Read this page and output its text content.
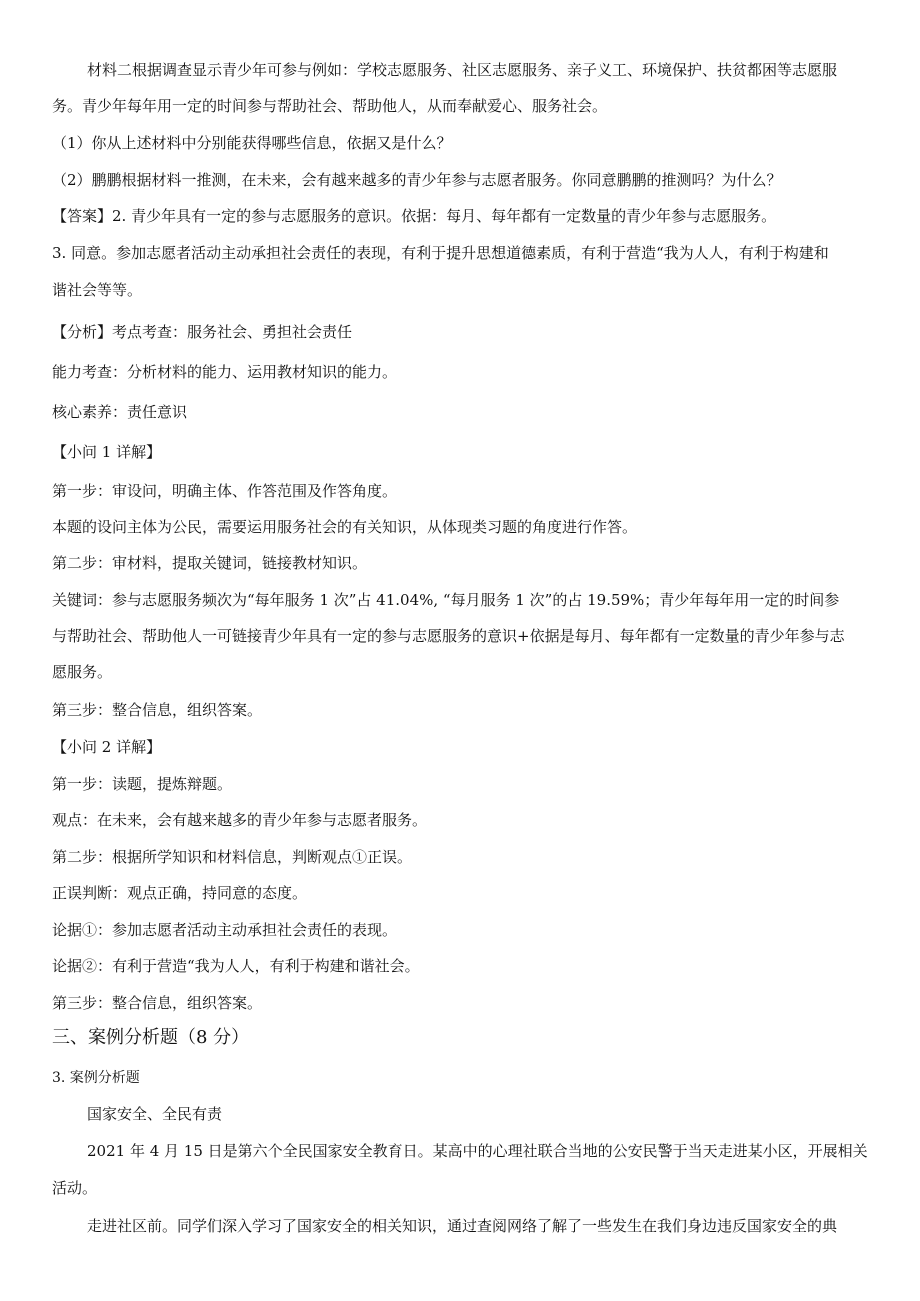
材料二根据调查显示青少年可参与例如：学校志愿服务、社区志愿服务、亲子义工、环境保护、扶贫都困等志愿服
务。青少年每年用一定的时间参与帮助社会、帮助他人，从而奉献爱心、服务社会。
（1）你从上述材料中分别能获得哪些信息，依据又是什么？
（2）鹏鹏根据材料一推测，在未来，会有越来越多的青少年参与志愿者服务。你同意鹏鹏的推测吗？为什么？
【答案】2. 青少年具有一定的参与志愿服务的意识。依据：每月、每年都有一定数量的青少年参与志愿服务。
3. 同意。参加志愿者活动主动承担社会责任的表现，有利于提升思想道德素质，有利于营造“我为人人，有利于构建和
谐社会等等。
【分析】考点考查：服务社会、勇担社会责任
能力考查：分析材料的能力、运用教材知识的能力。
核心素养：责任意识
【小问 1 详解】
第一步：审设问，明确主体、作答范围及作答角度。
本题的设问主体为公民，需要运用服务社会的有关知识，从体现类习题的角度进行作答。
第二步：审材料，提取关键词，链接教材知识。
关键词：参与志愿服务频次为“每年服务 1 次”占 41.04%, “每月服务 1 次”的占 19.59%；青少年每年用一定的时间参
与帮助社会、帮助他人一可链接青少年具有一定的参与志愿服务的意识+依据是每月、每年都有一定数量的青少年参与志
愿服务。
第三步：整合信息，组织答案。
【小问 2 详解】
第一步：读题，提炼辩题。
观点：在未来，会有越来越多的青少年参与志愿者服务。
第二步：根据所学知识和材料信息，判断观点①正误。
正误判断：观点正确，持同意的态度。
论据①：参加志愿者活动主动承担社会责任的表现。
论据②：有利于营造“我为人人，有利于构建和谐社会。
第三步：整合信息，组织答案。
三、案例分析题（8 分）
3. 案例分析题
国家安全、全民有责
2021 年 4 月 15 日是第六个全民国家安全教育日。某高中的心理社联合当地的公安民警于当天走进某小区，开展相关
活动。
走进社区前。同学们深入学习了国家安全的相关知识，通过查阅网络了解了一些发生在我们身边违反国家安全的典
